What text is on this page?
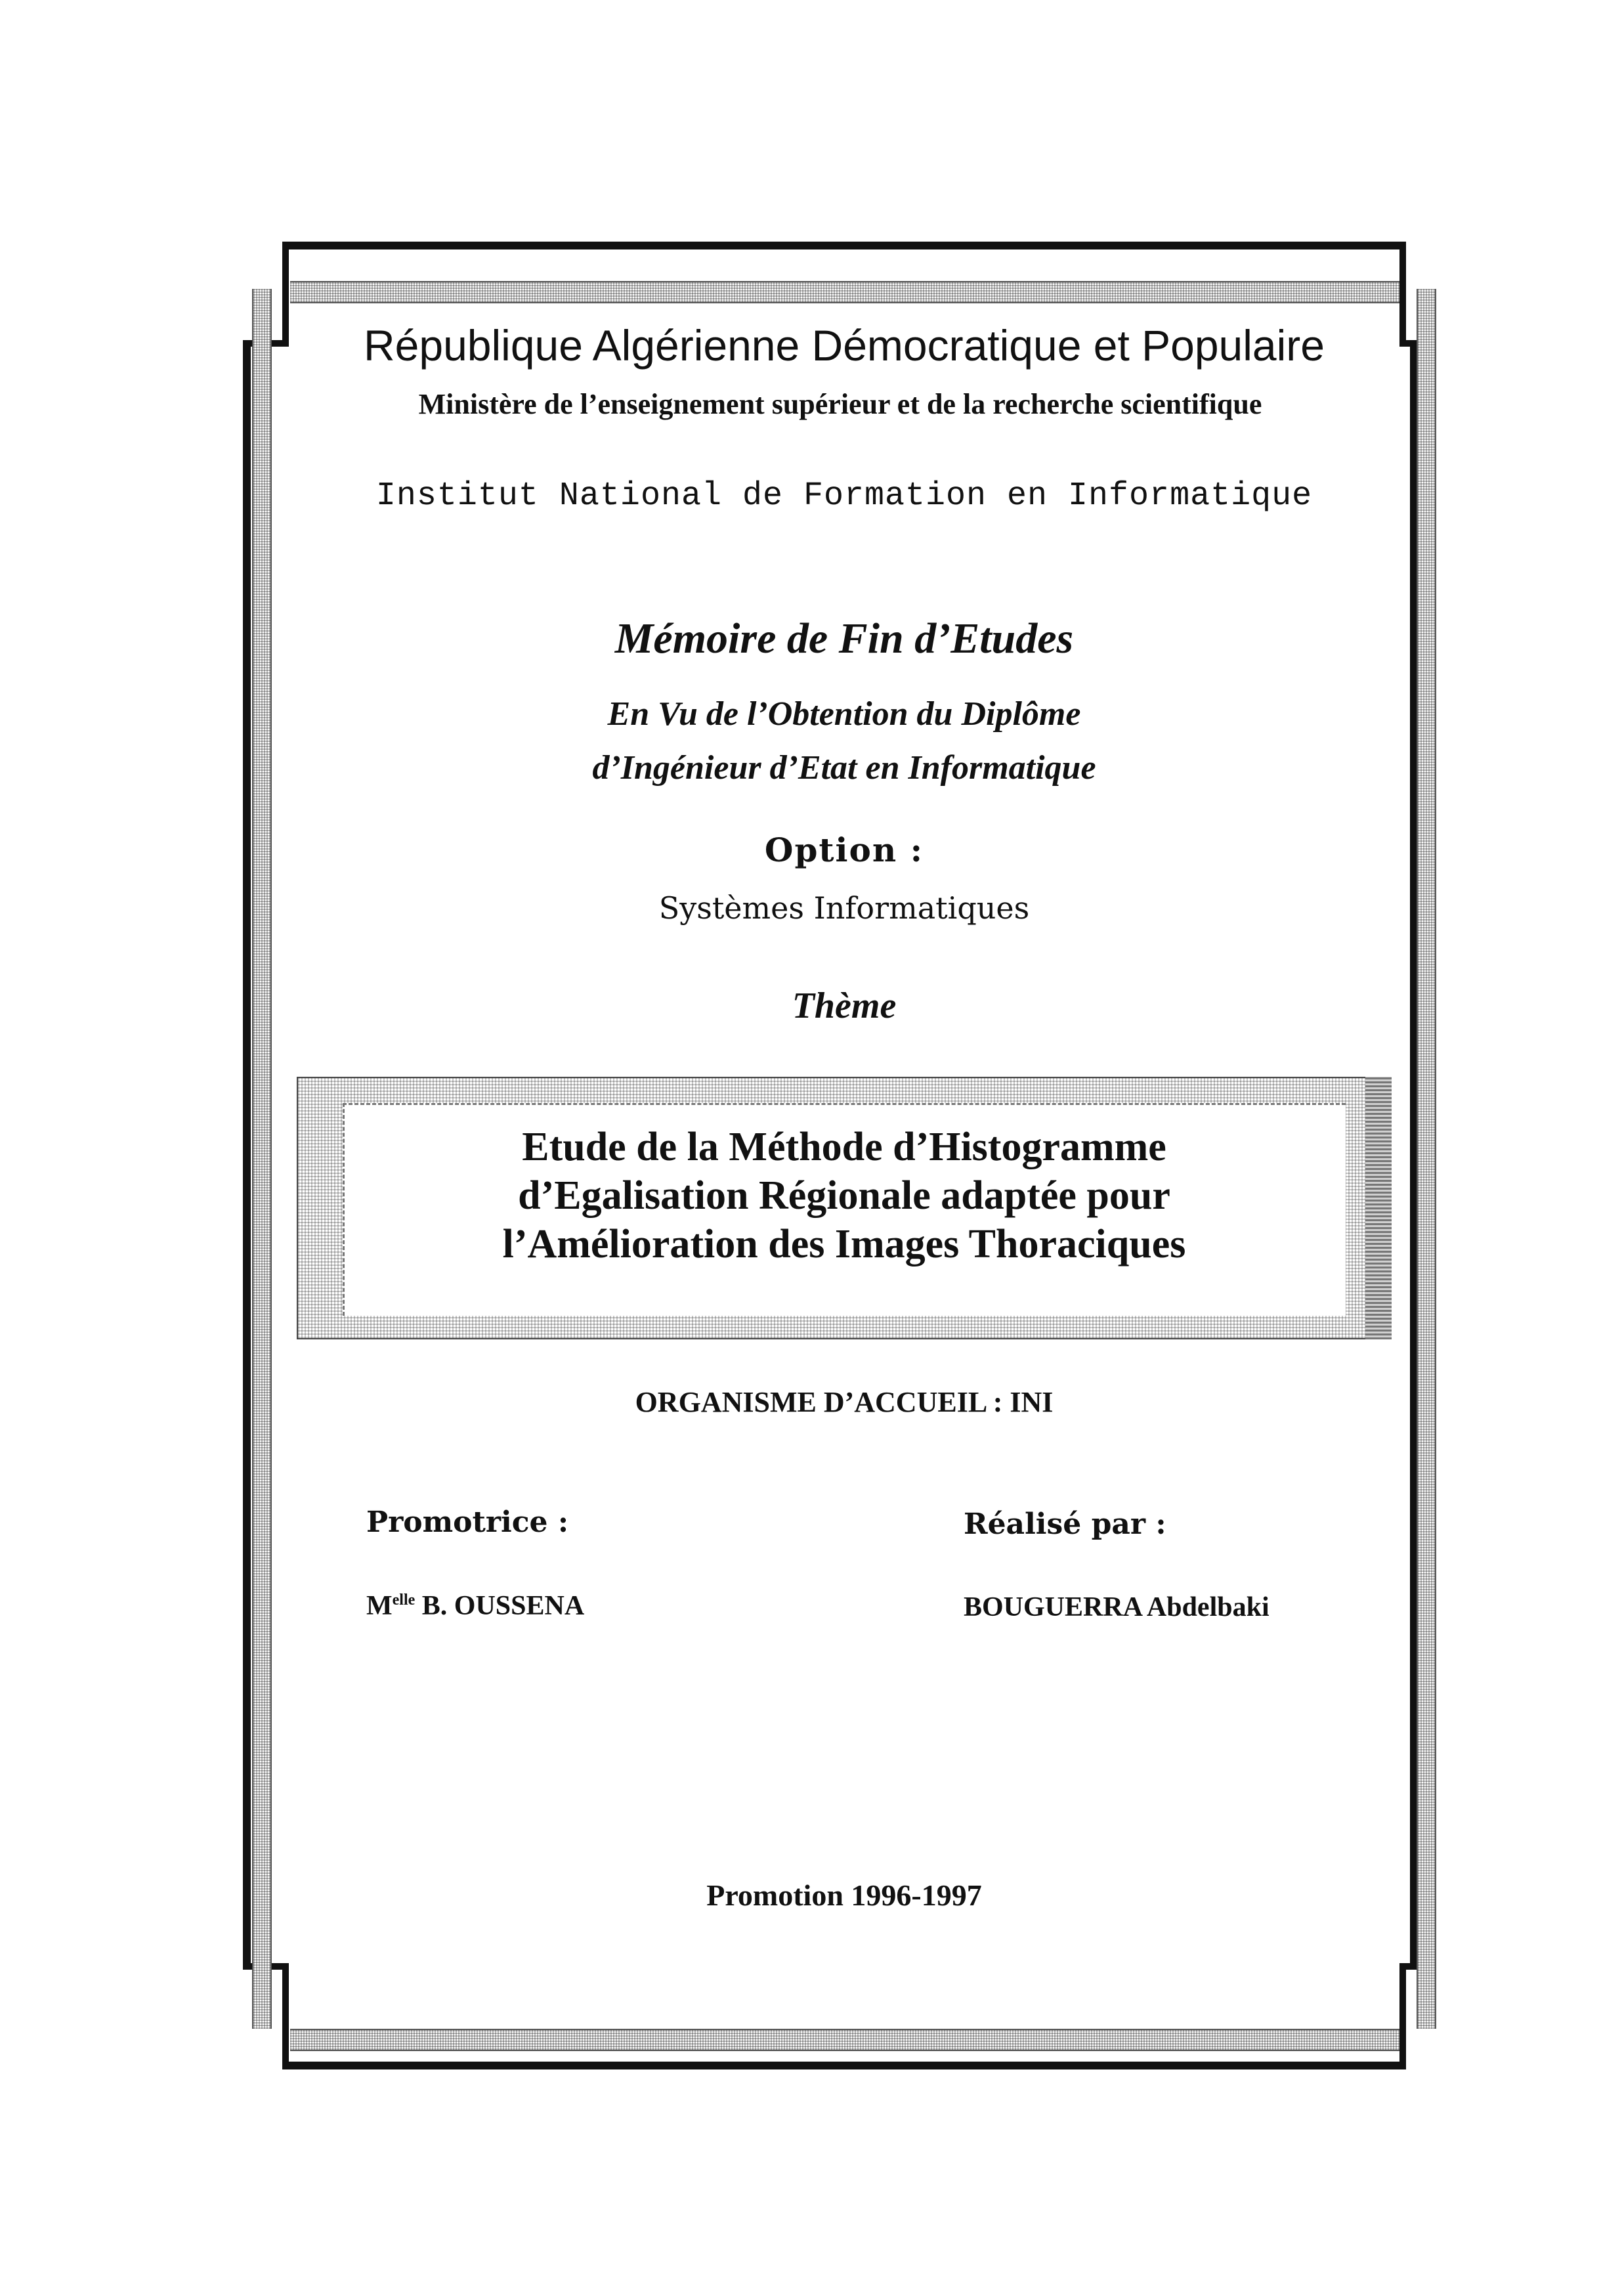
République Algérienne Démocratique et Populaire
Ministère de l’enseignement supérieur et de la recherche scientifique
Institut National de Formation en Informatique
Mémoire de Fin d’Etudes
En Vu de l’Obtention du Diplôme
d’Ingénieur d’Etat en Informatique
Option :
Systèmes Informatiques
Thème
Etude de la Méthode d’Histogramme
d’Egalisation Régionale adaptée pour
l’Amélioration des Images Thoraciques
ORGANISME D’ACCUEIL : INI
Promotrice :	Réalisé par :
$M^{elle}$ B. OUSSENA	BOUGUERRA Abdelbaki
Promotion 1996-1997
